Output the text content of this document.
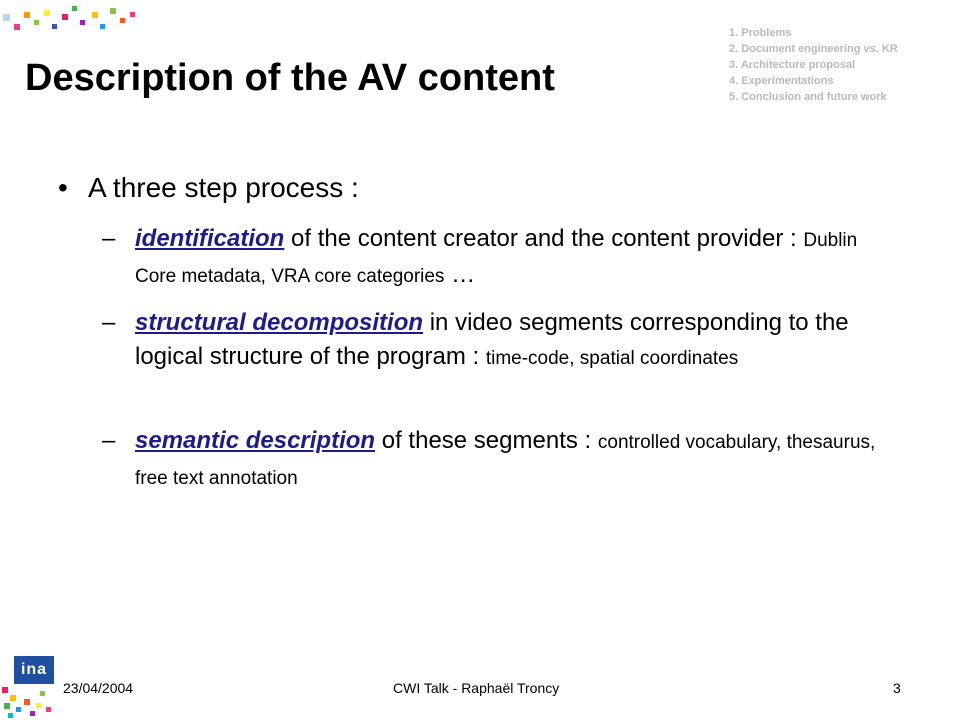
1. Problems
2. Document engineering vs. KR
3. Architecture proposal
4. Experimentations
5. Conclusion and future work
Description of the AV content
• A three step process :
– identification of the content creator and the content provider : Dublin Core metadata, VRA core categories …
– structural decomposition in video segments corresponding to the logical structure of the program : time-code, spatial coordinates
– semantic description of these segments : controlled vocabulary, thesaurus, free text annotation
ina
23/04/2004	CWI Talk - Raphaël Troncy	3
